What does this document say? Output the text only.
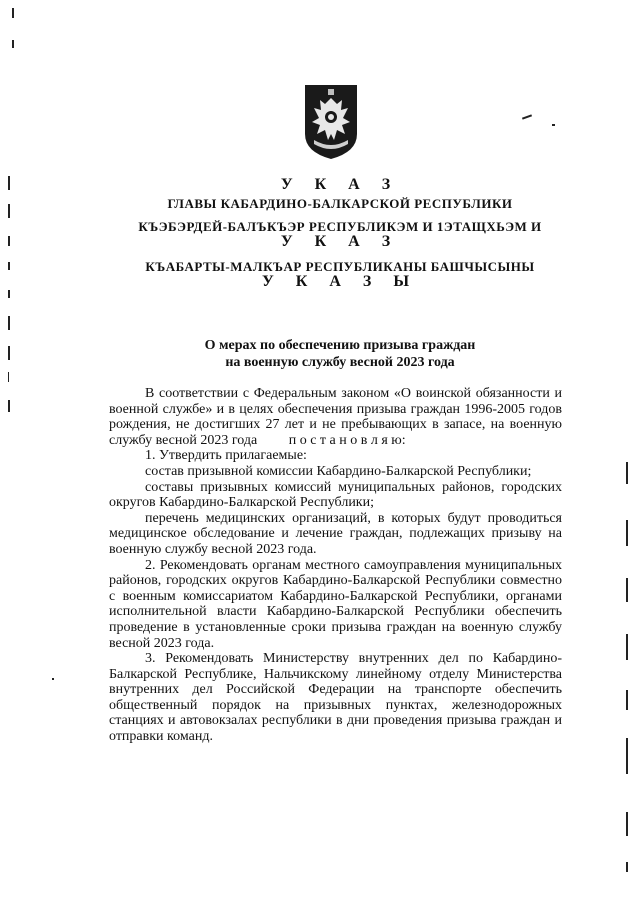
У К А З
ГЛАВЫ КАБАРДИНО-БАЛКАРСКОЙ РЕСПУБЛИКИ
КЪЭБЭРДЕЙ-БАЛЪКЪЭР РЕСПУБЛИКЭМ И 1ЭТАЩХЬЭМ И
У К А З
КЪАБАРТЫ-МАЛКЪАР РЕСПУБЛИКАНЫ БАШЧЫСЫНЫ
У К А З Ы
О мерах по обеспечению призыва граждан
на военную службу весной 2023 года

В соответствии с Федеральным законом «О воинской обязанности и военной службе» и в целях обеспечения призыва граждан 1996-2005 годов рождения, не достигших 27 лет и не пребывающих в запасе, на военную службу весной 2023 года п о с т а н о в л я ю:

1. Утвердить прилагаемые:

состав призывной комиссии Кабардино-Балкарской Республики;

составы призывных комиссий муниципальных районов, городских округов Кабардино-Балкарской Республики;

перечень медицинских организаций, в которых будут проводиться медицинское обследование и лечение граждан, подлежащих призыву на военную службу весной 2023 года.

2. Рекомендовать органам местного самоуправления муниципальных районов, городских округов Кабардино-Балкарской Республики совместно с военным комиссариатом Кабардино-Балкарской Республики, органами исполнительной власти Кабардино-Балкарской Республики обеспечить проведение в установленные сроки призыва граждан на военную службу весной 2023 года.

3. Рекомендовать Министерству внутренних дел по Кабардино-Балкарской Республике, Нальчикскому линейному отделу Министерства внутренних дел Российской Федерации на транспорте обеспечить общественный порядок на призывных пунктах, железнодорожных станциях и автовокзалах республики в дни проведения призыва граждан и отправки команд.
